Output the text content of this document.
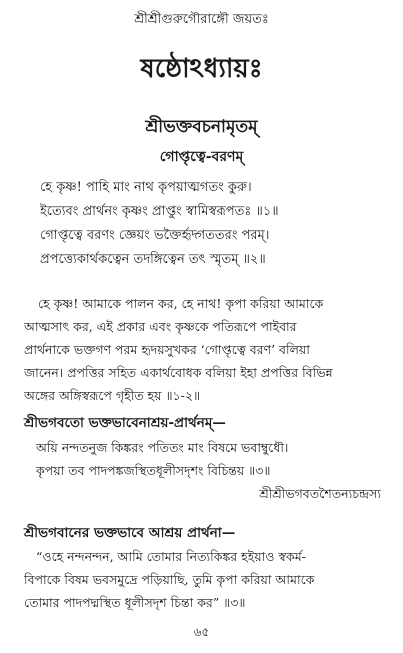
শ্রীশ্রীগুরুগৌরাঙ্গৌ জয়তঃ
ষষ্ঠোঽধ্যায়ঃ
শ্রীভক্তবচনামৃতম্
গোপ্তৃত্বে-বরণম্
হে কৃষ্ণ! পাহি মাং নাথ কৃপয়াত্মগতং কুরু।
ইত্যেবং প্রার্থনং কৃষ্ণং প্রাপ্তুং স্বামিস্বরূপতঃ ॥১॥
গোপ্তৃত্বে বরণং জ্ঞেয়ং ভক্তৈর্হৃদ্গততরং পরম্।
প্রপত্ত্যেকার্থকত্বেন তদঙ্গিত্বেন তৎ স্মৃতম্ ॥২॥
হে কৃষ্ণ! আমাকে পালন কর, হে নাথ! কৃপা করিয়া আমাকে
আত্মসাৎ কর, এই প্রকার এবং কৃষ্ণকে পতিরূপে পাইবার
প্রার্থনাকে ভক্তগণ পরম হৃদয়সুখকর ‘গোপ্তৃত্বে বরণ’ বলিয়া
জানেন। প্রপত্তির সহিত একার্থবোধক বলিয়া ইহা প্রপত্তির বিভিন্ন
অঙ্গের অঙ্গিস্বরূপে গৃহীত হয় ॥১-২॥
শ্রীভগবতো ভক্তভাবেনাশ্রয়-প্রার্থনম্—
অয়ি নন্দতনুজ কিঙ্করং পতিতং মাং বিষমে ভবাম্বুধৌ।
কৃপয়া তব পাদপঙ্কজস্থিতধূলীসদৃশং বিচিন্তয় ॥৩॥
শ্রীশ্রীভগবতশৈতন্যচন্দ্রস্য
শ্রীভগবানের ভক্তভাবে আশ্রয় প্রার্থনা—
“ওহে নন্দনন্দন, আমি তোমার নিত্যকিঙ্কর হইয়াও স্বকর্ম-
বিপাকে বিষম ভবসমুদ্রে পড়িয়াছি, তুমি কৃপা করিয়া আমাকে
তোমার পাদপদ্মস্থিত ধূলীসদৃশ চিন্তা কর” ॥৩॥
৬৫
